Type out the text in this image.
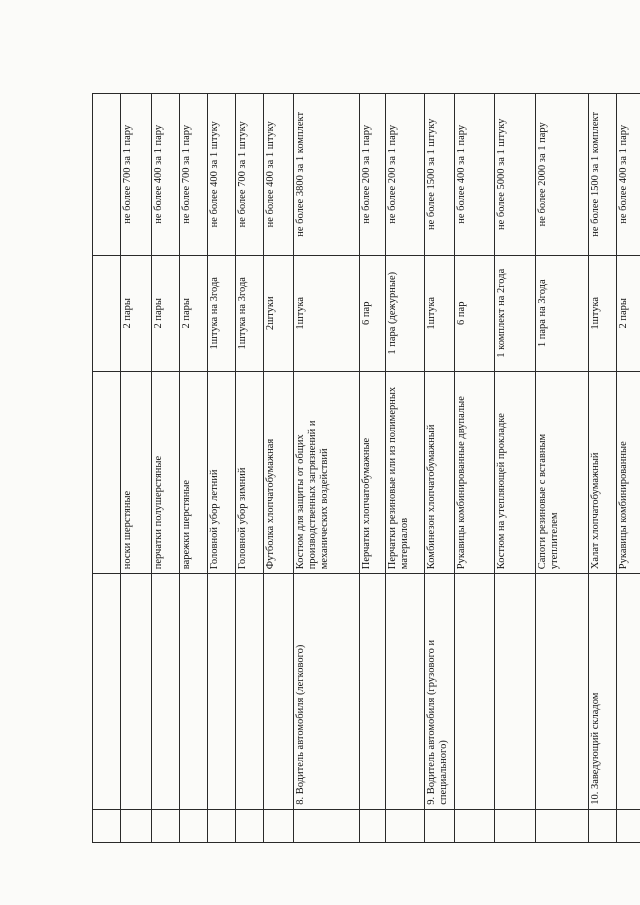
		носки шерстяные	2 пары	не более 700 за 1 пару
		перчатки полушерстяные	2 пары	не более 400 за 1 пару
		варежки шерстяные	2 пары	не более 700 за 1 пару
		Головной убор летний	1штука на 3года	не более 400 за 1 штуку
		Головной убор зимний	1штука на 3года	не более 700 за 1 штуку
		Футболка хлопчатобумажная	2штуки	не более 400 за 1 штуку
	8. Водитель автомобиля (легкового)	Костюм для защиты от общих производственных загрязнений и механических воздействий	1штука	не более 3800 за 1 комплект
		Перчатки хлопчатобумажные	6 пар	не более 200 за 1 пару
		Перчатки резиновые или из полимерных материалов	1 пара (дежурные)	не более 200 за 1 пару
	9. Водитель автомобиля (грузового и специального)	Комбинезон хлопчатобумажный	1штука	не более 1500 за 1 штуку
		Рукавицы комбинированные двупалые	6 пар	не более 400 за 1 пару
		Костюм на утепляющей прокладке	1 комплект на 2года	не более 5000 за 1 штуку
		Сапоги резиновые с вставным утеплителем	1 пара на 3года	не более 2000 за 1 пару
	10. Заведующий складом	Халат хлопчатобумажный	1штука	не более 1500 за 1 комплект
		Рукавицы комбинированные	2 пары	не более 400 за 1 пару
